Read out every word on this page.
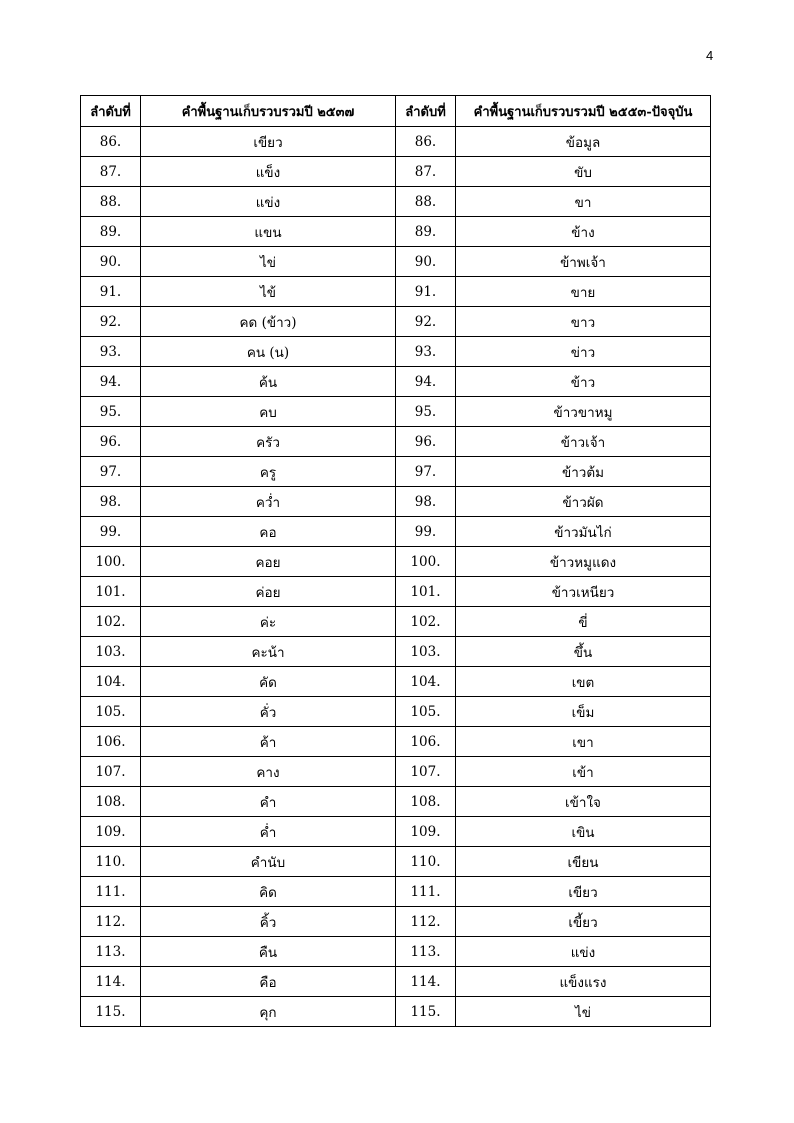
4
ลำดับที่	คำพื้นฐานเก็บรวบรวมปี ๒๕๓๗	ลำดับที่	คำพื้นฐานเก็บรวบรวมปี ๒๕๕๓-ปัจจุบัน
86.	เขียว	86.	ข้อมูล
87.	แข็ง	87.	ขับ
88.	แข่ง	88.	ขา
89.	แขน	89.	ข้าง
90.	ไข่	90.	ข้าพเจ้า
91.	ไข้	91.	ขาย
92.	คด (ข้าว)	92.	ขาว
93.	คน (น)	93.	ข่าว
94.	ค้น	94.	ข้าว
95.	คบ	95.	ข้าวขาหมู
96.	ครัว	96.	ข้าวเจ้า
97.	ครู	97.	ข้าวต้ม
98.	คว่ำ	98.	ข้าวผัด
99.	คอ	99.	ข้าวมันไก่
100.	คอย	100.	ข้าวหมูแดง
101.	ค่อย	101.	ข้าวเหนียว
102.	ค่ะ	102.	ขี่
103.	คะน้า	103.	ขึ้น
104.	คัด	104.	เขต
105.	คั่ว	105.	เข็ม
106.	ค้า	106.	เขา
107.	คาง	107.	เข้า
108.	คำ	108.	เข้าใจ
109.	ค่ำ	109.	เขิน
110.	คำนับ	110.	เขียน
111.	คิด	111.	เขียว
112.	คิ้ว	112.	เขี้ยว
113.	คืน	113.	แข่ง
114.	คือ	114.	แข็งแรง
115.	คุก	115.	ไข่
